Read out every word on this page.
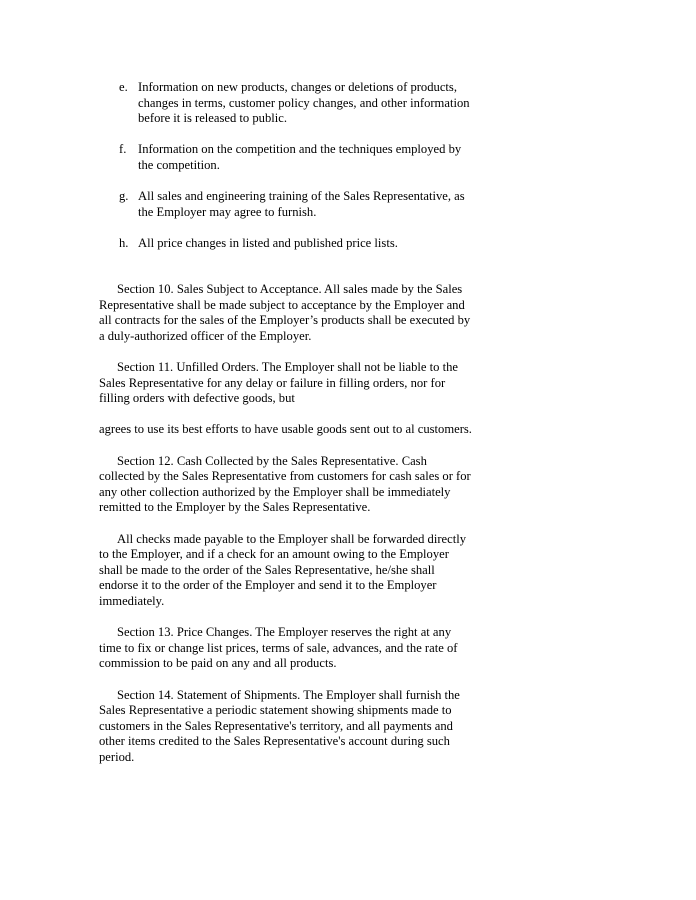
e. Information on new products, changes or deletions of products, changes in terms, customer policy changes, and other information before it is released to public.
f. Information on the competition and the techniques employed by the competition.
g. All sales and engineering training of the Sales Representative, as the Employer may agree to furnish.
h. All price changes in listed and published price lists.

Section 10. Sales Subject to Acceptance. All sales made by the Sales Representative shall be made subject to acceptance by the Employer and all contracts for the sales of the Employer’s products shall be executed by a duly-authorized officer of the Employer.

Section 11. Unfilled Orders. The Employer shall not be liable to the Sales Representative for any delay or failure in filling orders, nor for filling orders with defective goods, but

agrees to use its best efforts to have usable goods sent out to al customers.

Section 12. Cash Collected by the Sales Representative. Cash collected by the Sales Representative from customers for cash sales or for any other collection authorized by the Employer shall be immediately remitted to the Employer by the Sales Representative.

All checks made payable to the Employer shall be forwarded directly to the Employer, and if a check for an amount owing to the Employer shall be made to the order of the Sales Representative, he/she shall endorse it to the order of the Employer and send it to the Employer immediately.

Section 13. Price Changes. The Employer reserves the right at any time to fix or change list prices, terms of sale, advances, and the rate of commission to be paid on any and all products.

Section 14. Statement of Shipments. The Employer shall furnish the Sales Representative a periodic statement showing shipments made to customers in the Sales Representative's territory, and all payments and other items credited to the Sales Representative's account during such period.
